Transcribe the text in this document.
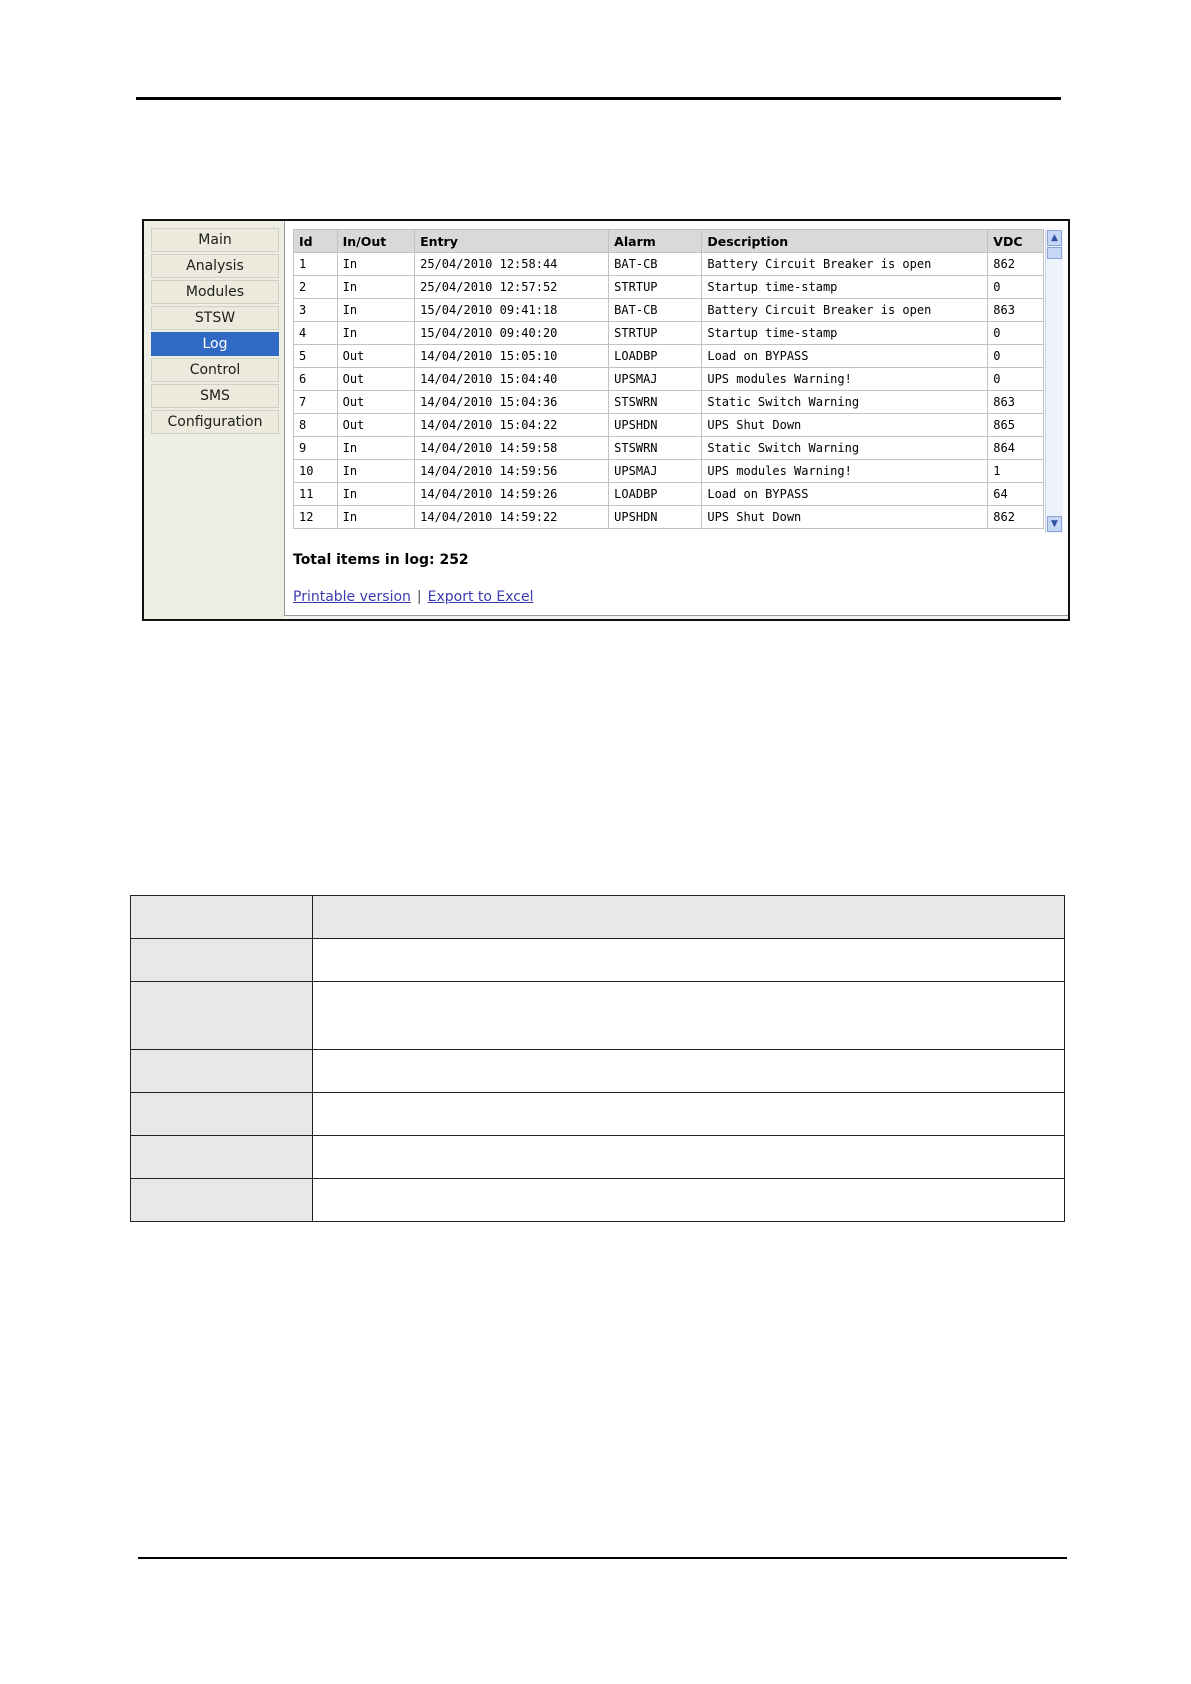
Main
Analysis
Modules
STSW
Log
Control
SMS
Configuration
Id	In/Out	Entry	Alarm	Description	VDC
1	In	25/04/2010 12:58:44	BAT-CB	Battery Circuit Breaker is open	862
2	In	25/04/2010 12:57:52	STRTUP	Startup time-stamp	0
3	In	15/04/2010 09:41:18	BAT-CB	Battery Circuit Breaker is open	863
4	In	15/04/2010 09:40:20	STRTUP	Startup time-stamp	0
5	Out	14/04/2010 15:05:10	LOADBP	Load on BYPASS	0
6	Out	14/04/2010 15:04:40	UPSMAJ	UPS modules Warning!	0
7	Out	14/04/2010 15:04:36	STSWRN	Static Switch Warning	863
8	Out	14/04/2010 15:04:22	UPSHDN	UPS Shut Down	865
9	In	14/04/2010 14:59:58	STSWRN	Static Switch Warning	864
10	In	14/04/2010 14:59:56	UPSMAJ	UPS modules Warning!	1
11	In	14/04/2010 14:59:26	LOADBP	Load on BYPASS	64
12	In	14/04/2010 14:59:22	UPSHDN	UPS Shut Down	862
▲
▼
Total items in log: 252
Printable version | Export to Excel
